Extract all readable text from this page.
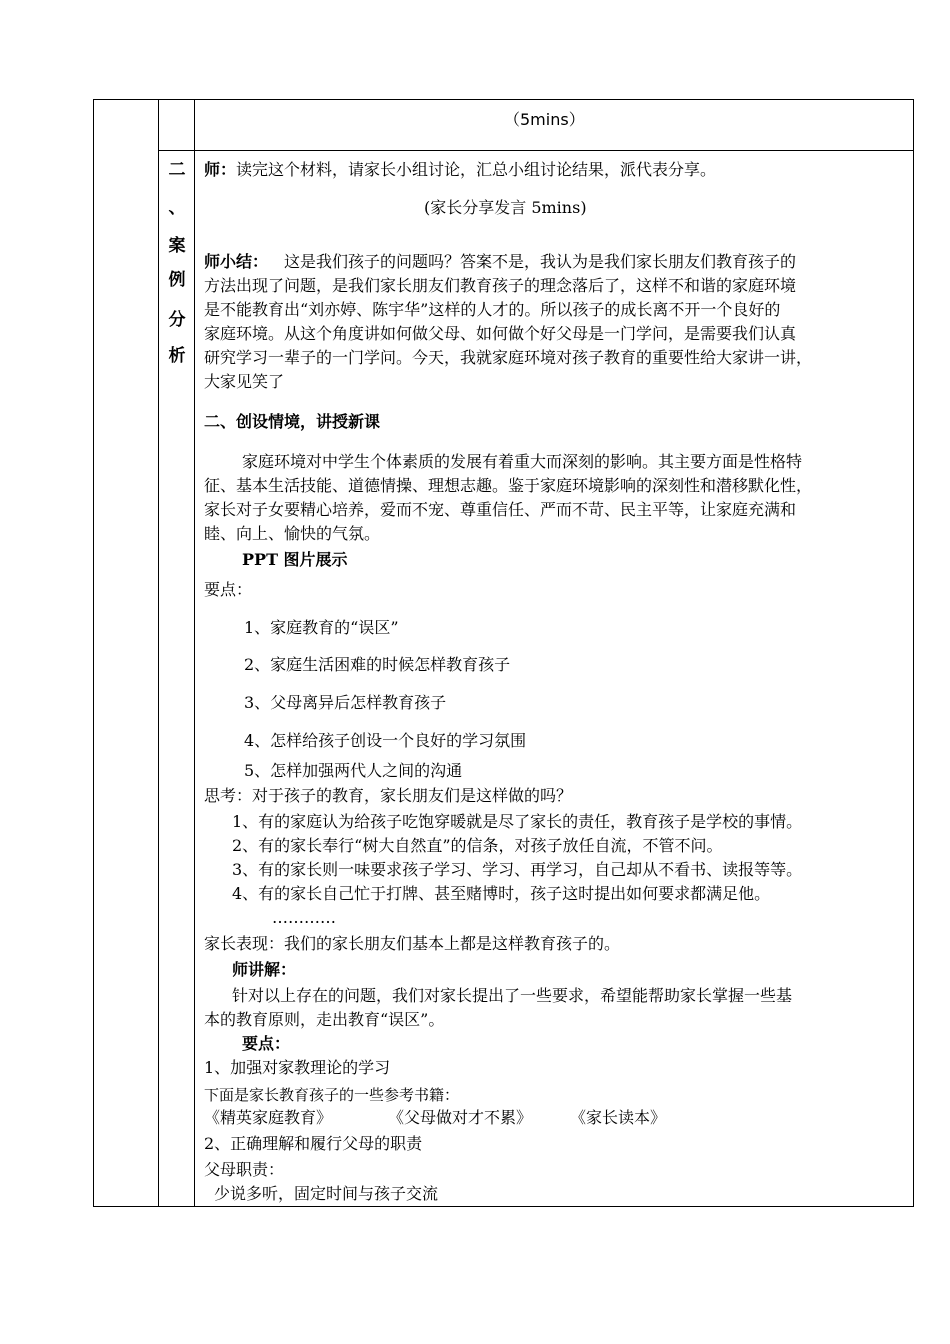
（5mins）
二
、
案
例
分
析
师：读完这个材料，请家长小组讨论，汇总小组讨论结果，派代表分享。
(家长分享发言 5mins)
师小结： 这是我们孩子的问题吗？答案不是，我认为是我们家长朋友们教育孩子的
方法出现了问题，是我们家长朋友们教育孩子的理念落后了，这样不和谐的家庭环境
是不能教育出“刘亦婷、陈宇华”这样的人才的。所以孩子的成长离不开一个良好的
家庭环境。从这个角度讲如何做父母、如何做个好父母是一门学问，是需要我们认真
研究学习一辈子的一门学问。今天，我就家庭环境对孩子教育的重要性给大家讲一讲，
大家见笑了
二、创设情境，讲授新课
家庭环境对中学生个体素质的发展有着重大而深刻的影响。其主要方面是性格特
征、基本生活技能、道德情操、理想志趣。鉴于家庭环境影响的深刻性和潜移默化性，
家长对子女要精心培养，爱而不宠、尊重信任、严而不苛、民主平等，让家庭充满和
睦、向上、愉快的气氛。
PPT 图片展示
要点：
1、家庭教育的“误区”
2、家庭生活困难的时候怎样教育孩子
3、父母离异后怎样教育孩子
4、怎样给孩子创设一个良好的学习氛围
5、怎样加强两代人之间的沟通
思考：对于孩子的教育，家长朋友们是这样做的吗？
1、有的家庭认为给孩子吃饱穿暖就是尽了家长的责任，教育孩子是学校的事情。
2、有的家长奉行“树大自然直”的信条，对孩子放任自流，不管不问。
3、有的家长则一味要求孩子学习、学习、再学习，自己却从不看书、读报等等。
4、有的家长自己忙于打牌、甚至赌博时，孩子这时提出如何要求都满足他。
…………
家长表现：我们的家长朋友们基本上都是这样教育孩子的。
师讲解：
针对以上存在的问题，我们对家长提出了一些要求，希望能帮助家长掌握一些基
本的教育原则，走出教育“误区”。
要点：
1、加强对家教理论的学习
下面是家长教育孩子的一些参考书籍：
《精英家庭教育》	《父母做对才不累》 《家长读本》
2、正确理解和履行父母的职责
父母职责：
少说多听，固定时间与孩子交流
